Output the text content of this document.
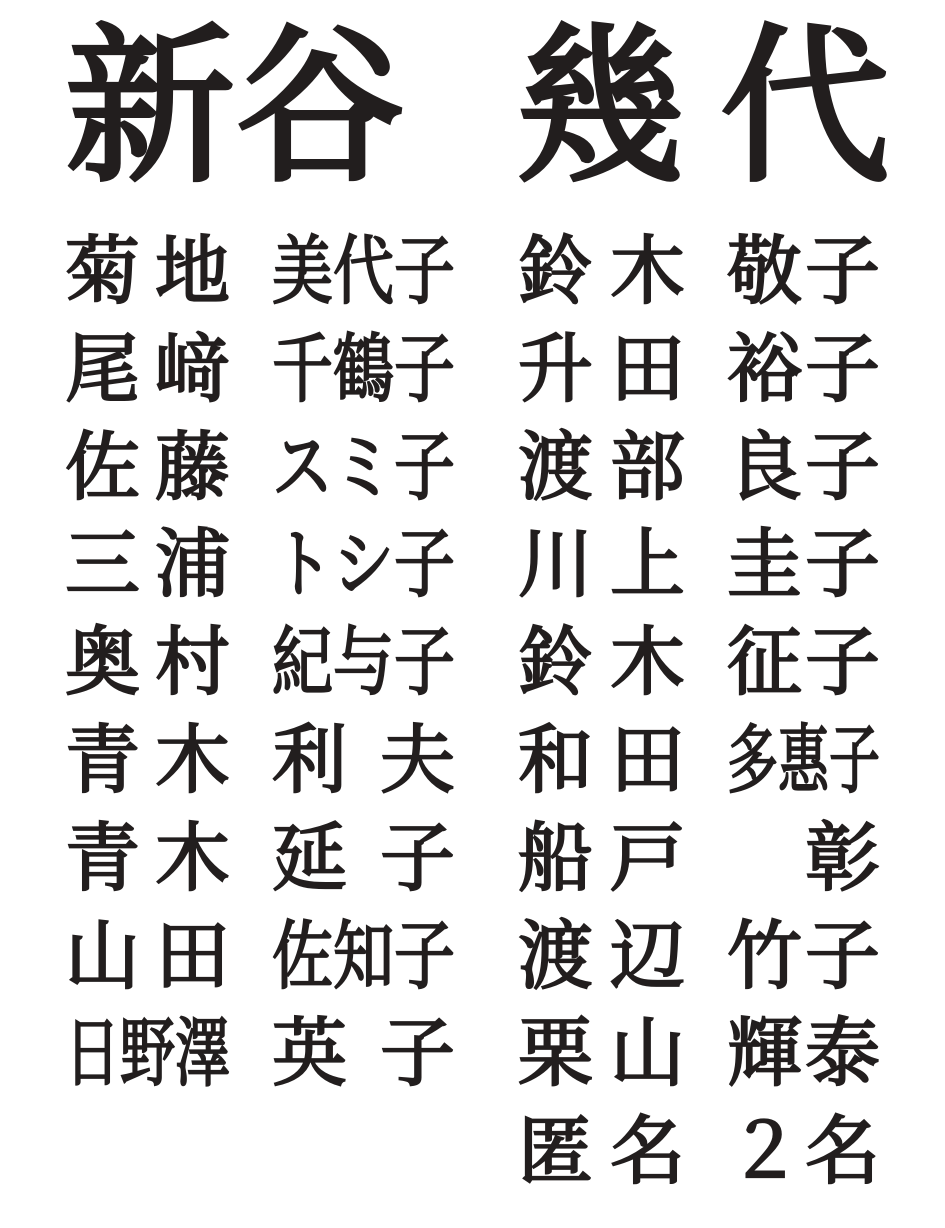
新 谷 幾 代
菊 地 美 代 子
尾 﨑 千 鶴 子
佐 藤 ス ミ 子
三 浦 ト シ 子
奥 村 紀 与 子
青 木 利 夫
青 木 延 子
山 田 佐 知 子
日 野 澤 英 子
鈴 木 敬 子
升 田 裕 子
渡 部 良 子
川 上 圭 子
鈴 木 征 子
和 田 多 惠 子
船 戸 彰
渡 辺 竹 子
栗 山 輝 泰
匿 名 ２ 名
